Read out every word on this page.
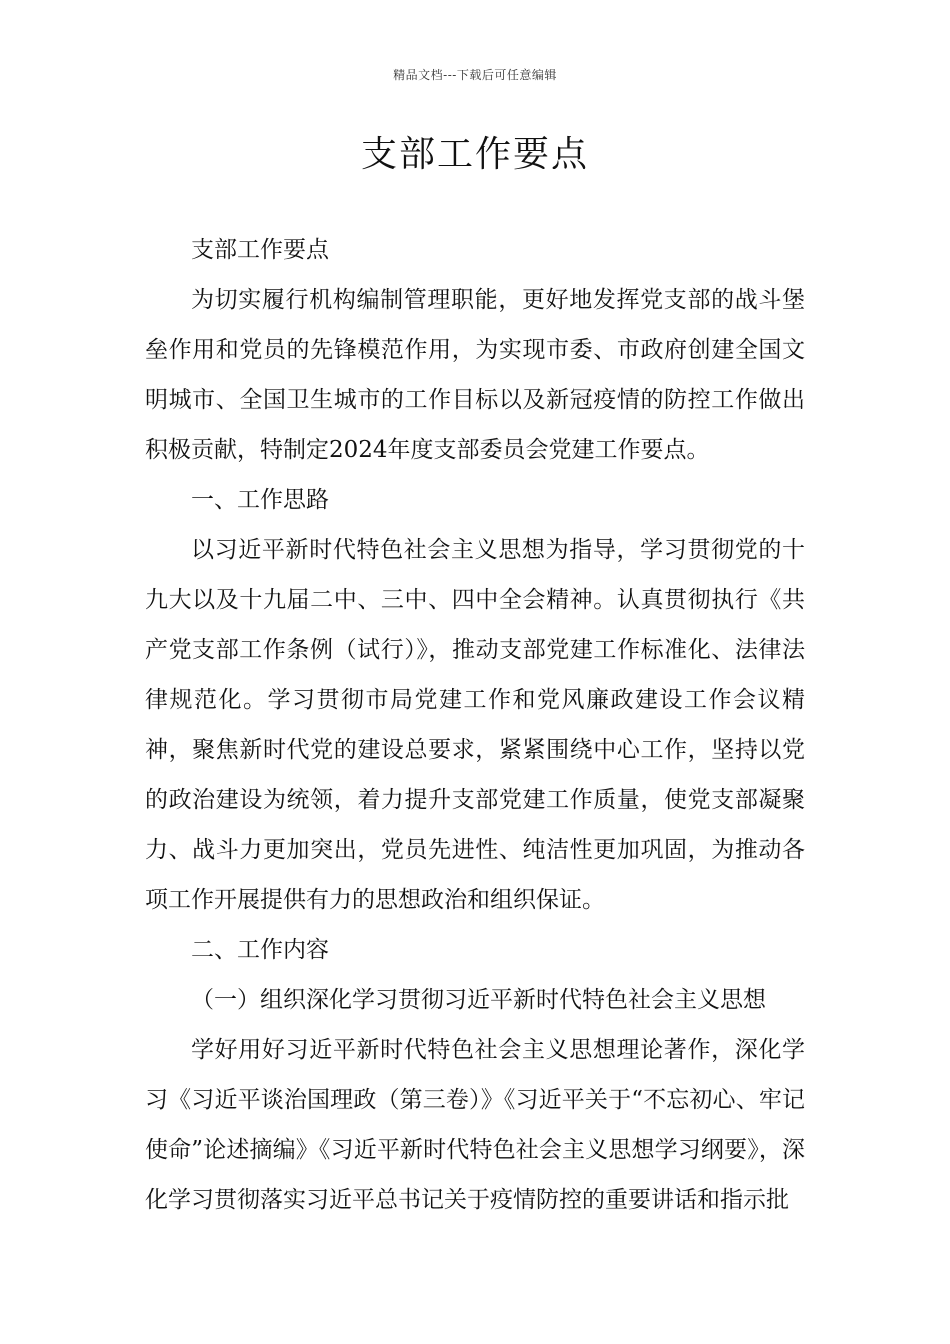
精品文档---下载后可任意编辑
支部工作要点

支部工作要点

为切实履行机构编制管理职能，更好地发挥党支部的战斗堡垒作用和党员的先锋模范作用，为实现市委、市政府创建全国文明城市、全国卫生城市的工作目标以及新冠疫情的防控工作做出积极贡献，特制定2024年度支部委员会党建工作要点。

一、工作思路

以习近平新时代特色社会主义思想为指导，学习贯彻党的十九大以及十九届二中、三中、四中全会精神。认真贯彻执行《共产党支部工作条例（试行）》，推动支部党建工作标准化、法律法律规范化。学习贯彻市局党建工作和党风廉政建设工作会议精神，聚焦新时代党的建设总要求，紧紧围绕中心工作，坚持以党的政治建设为统领，着力提升支部党建工作质量，使党支部凝聚力、战斗力更加突出，党员先进性、纯洁性更加巩固，为推动各项工作开展提供有力的思想政治和组织保证。

二、工作内容

（一）组织深化学习贯彻习近平新时代特色社会主义思想

学好用好习近平新时代特色社会主义思想理论著作，深化学习《习近平谈治国理政（第三卷）》《习近平关于“不忘初心、牢记使命”论述摘编》《习近平新时代特色社会主义思想学习纲要》，深化学习贯彻落实习近平总书记关于疫情防控的重要讲话和指示批
